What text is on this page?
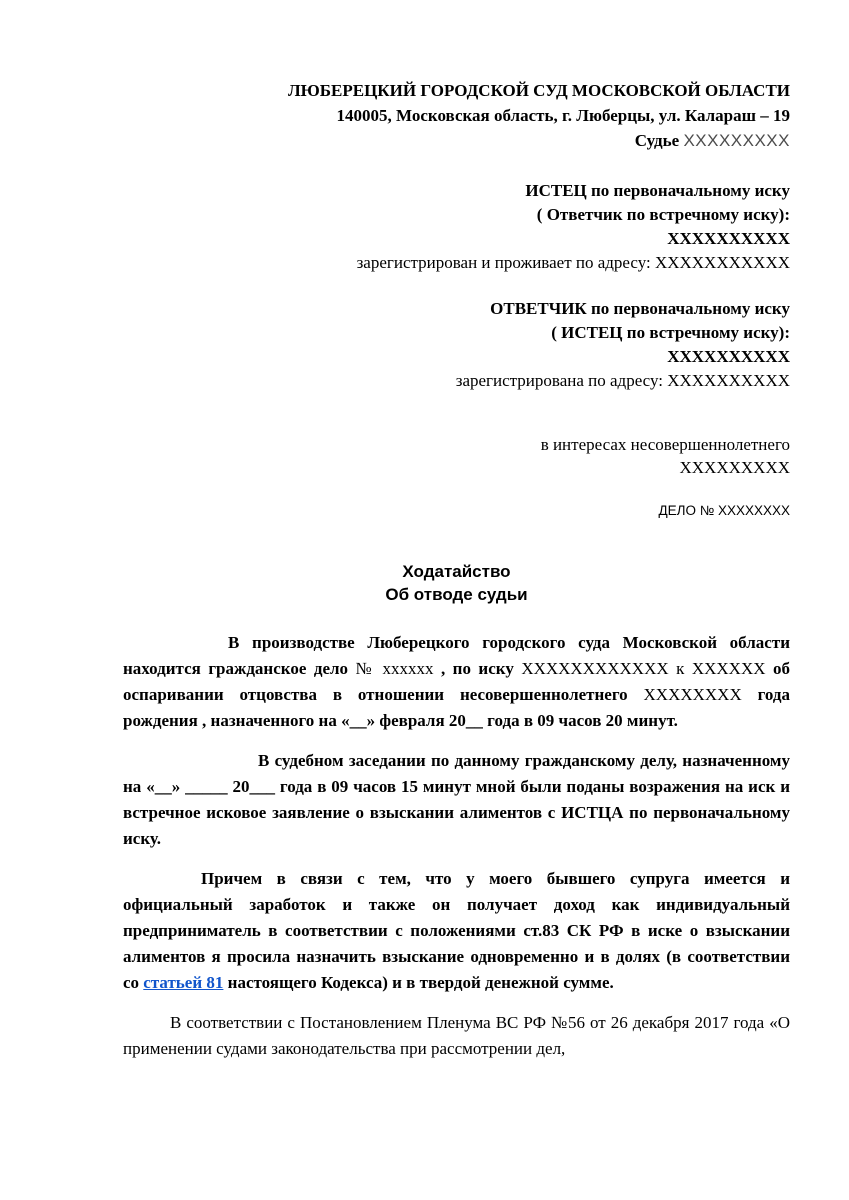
ЛЮБЕРЕЦКИЙ ГОРОДСКОЙ СУД МОСКОВСКОЙ ОБЛАСТИ
140005, Московская область, г. Люберцы, ул. Калараш – 19
Судье ХХХХХХХХХ
ИСТЕЦ по первоначальному иску
( Ответчик по встречному иску):
ХХХХХХХХХХ
зарегистрирован и проживает по адресу: ХХХХХХХХХХХ
ОТВЕТЧИК по первоначальному иску
( ИСТЕЦ по встречному иску):
ХХХХХХХХХХ
зарегистрирована по адресу: ХХХХХХХХХХ
в интересах несовершеннолетнего
ХХХХХХХХХ
ДЕЛО № ХХХХХХХХ
Ходатайство
Об отводе судьи

В производстве Люберецкого городского суда Московской области находится гражданское дело № хххххх , по иску ХХХХХХХХХХХХ к ХХХХХХ об оспаривании отцовства в отношении несовершеннолетнего ХХХХХХХХ года рождения , назначенного на «__» февраля 20__ года в 09 часов 20 минут.

В судебном заседании по данному гражданскому делу, назначенному на «__» _____ 20___ года в 09 часов 15 минут мной были поданы возражения на иск и встречное исковое заявление о взыскании алиментов с ИСТЦА по первоначальному иску.

Причем в связи с тем, что у моего бывшего супруга имеется и официальный заработок и также он получает доход как индивидуальный предприниматель в соответствии с положениями ст.83 СК РФ в иске о взыскании алиментов я просила назначить взыскание одновременно и в долях (в соответствии со статьей 81 настоящего Кодекса) и в твердой денежной сумме.

В соответствии с Постановлением Пленума ВС РФ №56 от 26 декабря 2017 года «О применении судами законодательства при рассмотрении дел,
